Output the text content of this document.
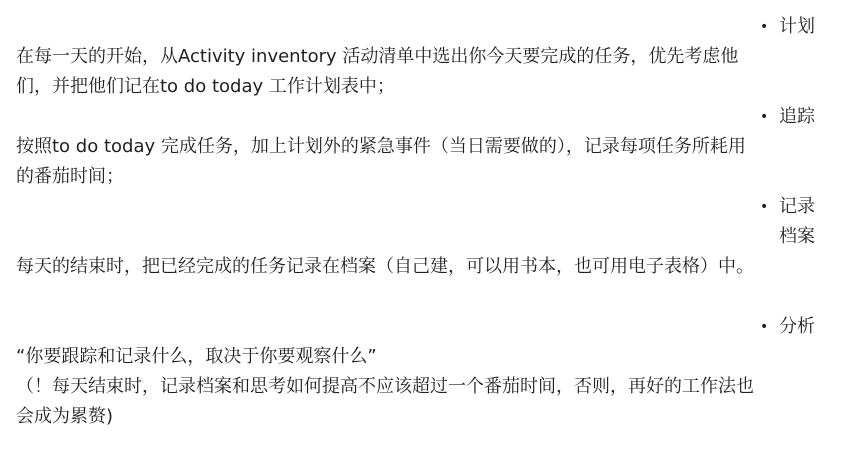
• 计划

在每一天的开始，从Activity inventory 活动清单中选出你今天要完成的任务，优先考虑他们，并把他们记在to do today 工作计划表中；

• 追踪

按照to do today 完成任务，加上计划外的紧急事件（当日需要做的），记录每项任务所耗用的番茄时间；

• 记录档案

每天的结束时，把已经完成的任务记录在档案（自己建，可以用书本，也可用电子表格）中。

• 分析

“你要跟踪和记录什么，取决于你要观察什么”

（！每天结束时，记录档案和思考如何提高不应该超过一个番茄时间，否则，再好的工作法也会成为累赘)
